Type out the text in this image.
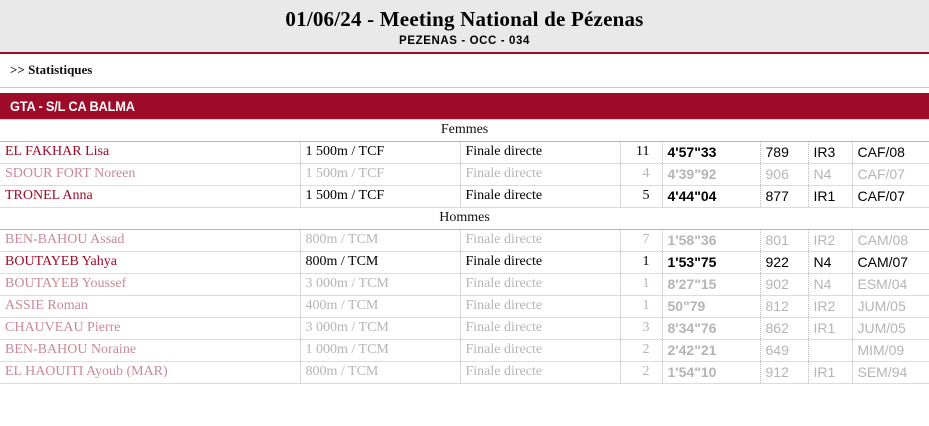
01/06/24 - Meeting National de Pézenas
PEZENAS - OCC - 034
>> Statistiques
GTA - S/L CA BALMA
Femmes							
EL FAKHAR Lisa	1 500m / TCF	Finale directe	11	4'57"33	789	IR3	CAF/08
SDOUR FORT Noreen	1 500m / TCF	Finale directe	4	4'39"92	906	N4	CAF/07
TRONEL Anna	1 500m / TCF	Finale directe	5	4'44"04	877	IR1	CAF/07
Hommes							
BEN-BAHOU Assad	800m / TCM	Finale directe	7	1'58"36	801	IR2	CAM/08
BOUTAYEB Yahya	800m / TCM	Finale directe	1	1'53"75	922	N4	CAM/07
BOUTAYEB Youssef	3 000m / TCM	Finale directe	1	8'27"15	902	N4	ESM/04
ASSIE Roman	400m / TCM	Finale directe	1	50"79	812	IR2	JUM/05
CHAUVEAU Pierre	3 000m / TCM	Finale directe	3	8'34"76	862	IR1	JUM/05
BEN-BAHOU Noraine	1 000m / TCM	Finale directe	2	2'42"21	649		MIM/09
EL HAOUITI Ayoub (MAR)	800m / TCM	Finale directe	2	1'54"10	912	IR1	SEM/94
